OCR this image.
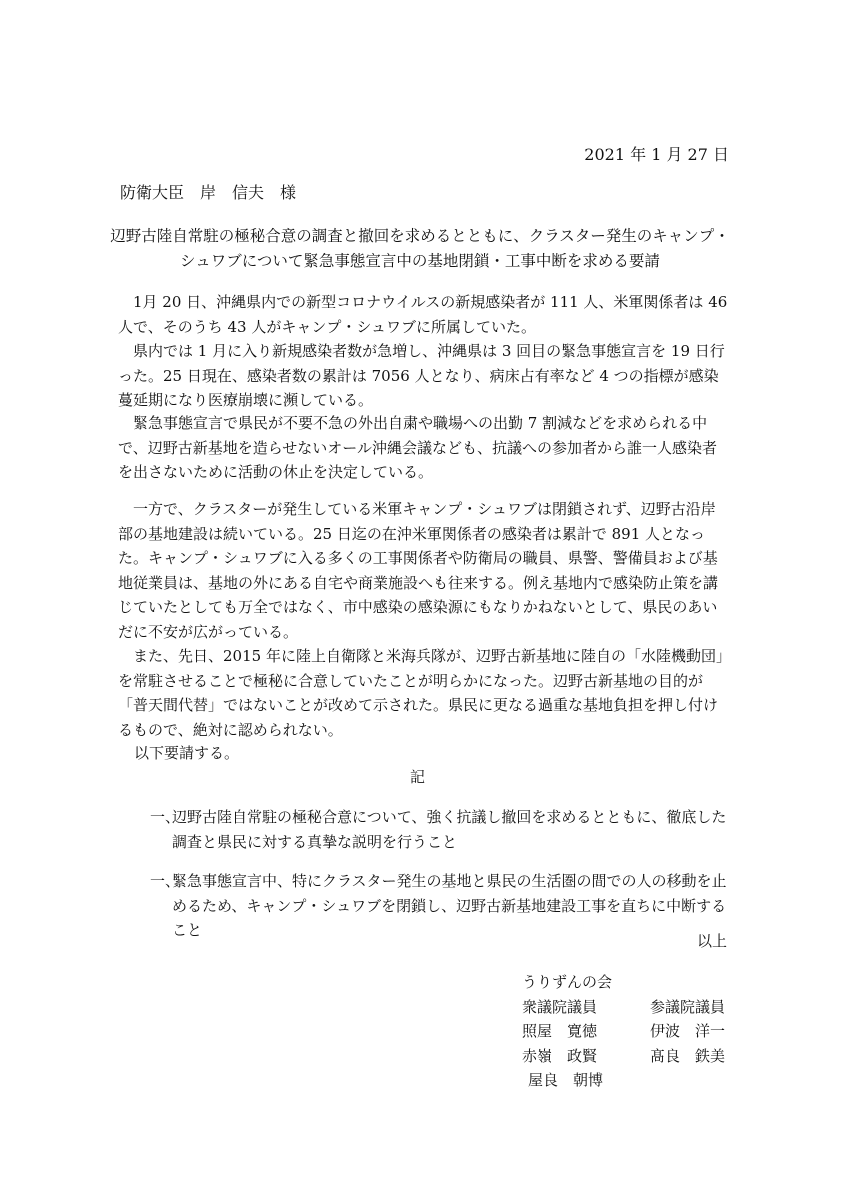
2021 年 1 月 27 日
防衛大臣　岸　信夫　様
辺野古陸自常駐の極秘合意の調査と撤回を求めるとともに、クラスター発生のキャンプ・
シュワブについて緊急事態宣言中の基地閉鎖・工事中断を求める要請
1月 20 日、沖縄県内での新型コロナウイルスの新規感染者が 111 人、米軍関係者は 46 人で、そのうち 43 人がキャンプ・シュワブに所属していた。
県内では 1 月に入り新規感染者数が急増し、沖縄県は 3 回目の緊急事態宣言を 19 日行った。25 日現在、感染者数の累計は 7056 人となり、病床占有率など 4 つの指標が感染蔓延期になり医療崩壊に瀕している。
緊急事態宣言で県民が不要不急の外出自粛や職場への出勤 7 割減などを求められる中で、辺野古新基地を造らせないオール沖縄会議なども、抗議への参加者から誰一人感染者を出さないために活動の休止を決定している。
一方で、クラスターが発生している米軍キャンプ・シュワブは閉鎖されず、辺野古沿岸部の基地建設は続いている。25 日迄の在沖米軍関係者の感染者は累計で 891 人となった。キャンプ・シュワブに入る多くの工事関係者や防衛局の職員、県警、警備員および基地従業員は、基地の外にある自宅や商業施設へも往来する。例え基地内で感染防止策を講じていたとしても万全ではなく、市中感染の感染源にもなりかねないとして、県民のあいだに不安が広がっている。
また、先日、2015 年に陸上自衛隊と米海兵隊が、辺野古新基地に陸自の「水陸機動団」を常駐させることで極秘に合意していたことが明らかになった。辺野古新基地の目的が「普天間代替」ではないことが改めて示された。県民に更なる過重な基地負担を押し付けるもので、絶対に認められない。
以下要請する。
記
一、
辺野古陸自常駐の極秘合意について、強く抗議し撤回を求めるとともに、徹底した調査と県民に対する真摯な説明を行うこと
一、
緊急事態宣言中、特にクラスター発生の基地と県民の生活圏の間での人の移動を止めるため、キャンプ・シュワブを閉鎖し、辺野古新基地建設工事を直ちに中断すること
以上
うりずんの会
衆議院議員	参議院議員
照屋　寛徳	伊波　洋一
赤嶺　政賢	髙良　鉄美
屋良　朝博
